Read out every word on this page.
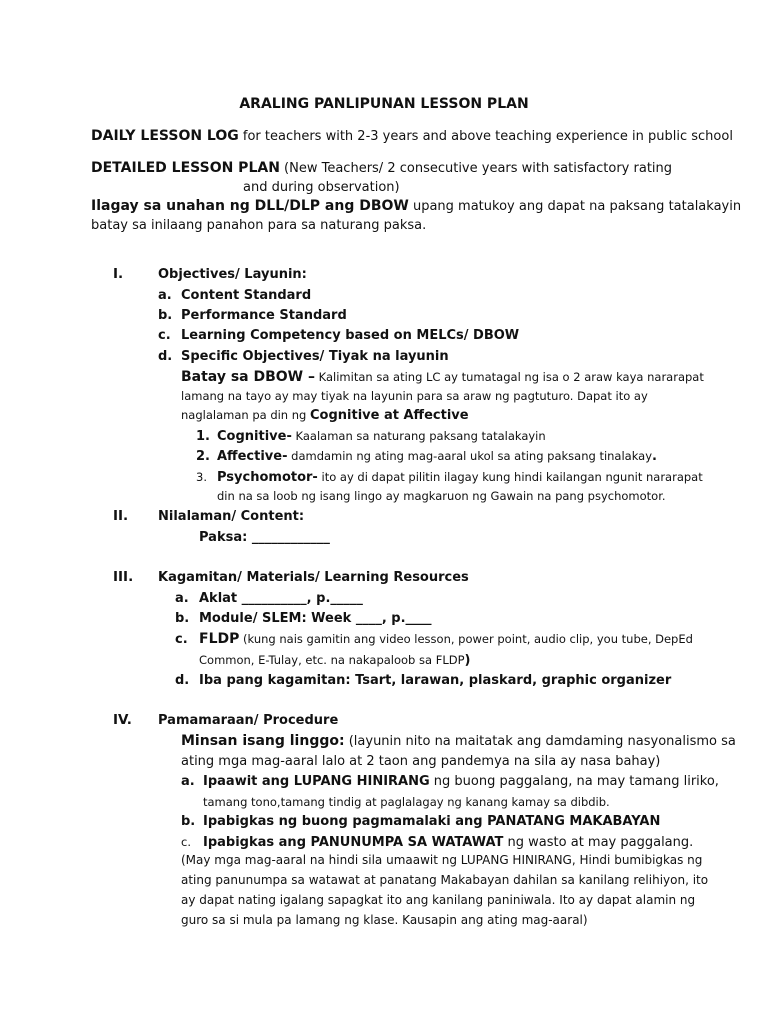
ARALING PANLIPUNAN LESSON PLAN
DAILY LESSON LOG for teachers with 2-3 years and above teaching experience in public school
DETAILED LESSON PLAN (New Teachers/ 2 consecutive years with satisfactory rating
and during observation)
Ilagay sa unahan ng DLL/DLP ang DBOW upang matukoy ang dapat na paksang tatalakayin
batay sa inilaang panahon para sa naturang paksa.
I.	Objectives/ Layunin:
a. Content Standard
b. Performance Standard
c. Learning Competency based on MELCs/ DBOW
d. Specific Objectives/ Tiyak na layunin
Batay sa DBOW – Kalimitan sa ating LC ay tumatagal ng isa o 2 araw kaya nararapat
lamang na tayo ay may tiyak na layunin para sa araw ng pagtuturo. Dapat ito ay
naglalaman pa din ng Cognitive at Affective
1. Cognitive- Kaalaman sa naturang paksang tatalakayin
2. Affective- damdamin ng ating mag-aaral ukol sa ating paksang tinalakay.
3. Psychomotor- ito ay di dapat pilitin ilagay kung hindi kailangan ngunit nararapat
din na sa loob ng isang lingo ay magkaruon ng Gawain na pang psychomotor.
II. Nilalaman/ Content:
Paksa: ____________
III. Kagamitan/ Materials/ Learning Resources
a. Aklat __________, p._____
b. Module/ SLEM: Week ____, p.____
c. FLDP (kung nais gamitin ang video lesson, power point, audio clip, you tube, DepEd
Common, E-Tulay, etc. na nakapaloob sa FLDP)
d. Iba pang kagamitan: Tsart, larawan, plaskard, graphic organizer
IV. Pamamaraan/ Procedure
Minsan isang linggo: (layunin nito na maitatak ang damdaming nasyonalismo sa
ating mga mag-aaral lalo at 2 taon ang pandemya na sila ay nasa bahay)
a. Ipaawit ang LUPANG HINIRANG ng buong paggalang, na may tamang liriko,
tamang tono,tamang tindig at paglalagay ng kanang kamay sa dibdib.
b. Ipabigkas ng buong pagmamalaki ang PANATANG MAKABAYAN
c. Ipabigkas ang PANUNUMPA SA WATAWAT ng wasto at may paggalang.
(May mga mag-aaral na hindi sila umaawit ng LUPANG HINIRANG, Hindi bumibigkas ng
ating panunumpa sa watawat at panatang Makabayan dahilan sa kanilang relihiyon, ito
ay dapat nating igalang sapagkat ito ang kanilang paniniwala. Ito ay dapat alamin ng
guro sa si mula pa lamang ng klase. Kausapin ang ating mag-aaral)
